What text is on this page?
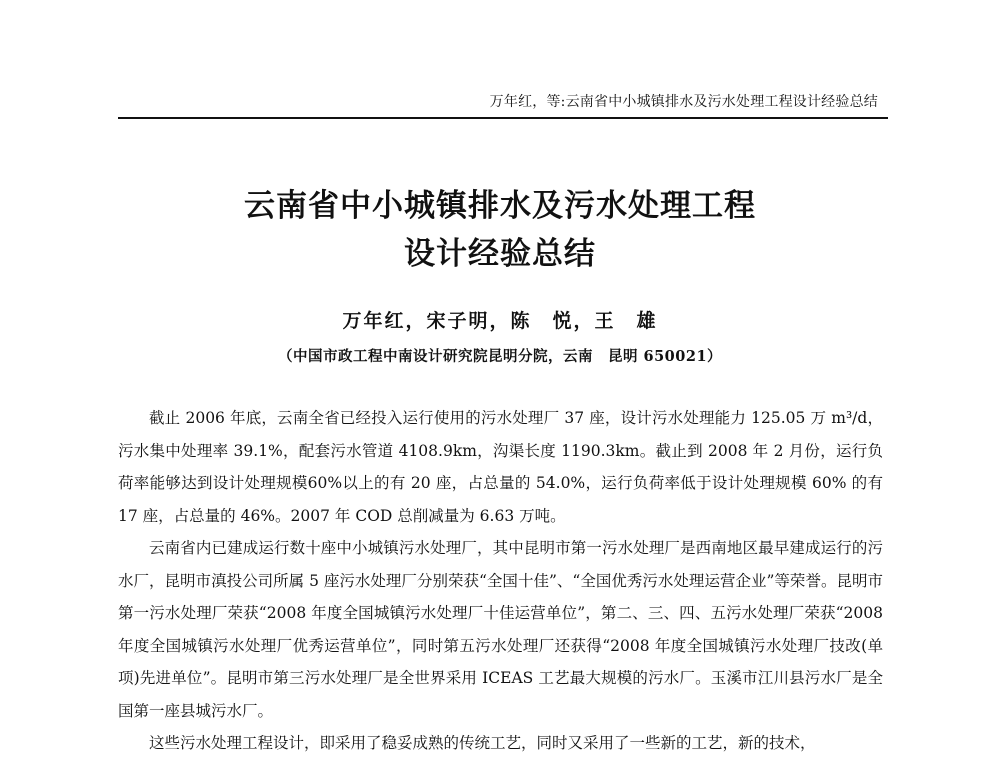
万年红，等:云南省中小城镇排水及污水处理工程设计经验总结
云南省中小城镇排水及污水处理工程
设计经验总结
万年红，宋子明，陈　悦，王　雄
（中国市政工程中南设计研究院昆明分院，云南　昆明 650021）

截止 2006 年底，云南全省已经投入运行使用的污水处理厂 37 座，设计污水处理能力 125.05 万 m³/d，污水集中处理率 39.1%，配套污水管道 4108.9km，沟渠长度 1190.3km。截止到 2008 年 2 月份，运行负荷率能够达到设计处理规模60%以上的有 20 座，占总量的 54.0%，运行负荷率低于设计处理规模 60% 的有 17 座，占总量的 46%。2007 年 COD 总削减量为 6.63 万吨。

云南省内已建成运行数十座中小城镇污水处理厂，其中昆明市第一污水处理厂是西南地区最早建成运行的污水厂，昆明市滇投公司所属 5 座污水处理厂分别荣获“全国十佳”、“全国优秀污水处理运营企业”等荣誉。昆明市第一污水处理厂荣获“2008 年度全国城镇污水处理厂十佳运营单位”，第二、三、四、五污水处理厂荣获“2008 年度全国城镇污水处理厂优秀运营单位”，同时第五污水处理厂还获得“2008 年度全国城镇污水处理厂技改(单项)先进单位”。昆明市第三污水处理厂是全世界采用 ICEAS 工艺最大规模的污水厂。玉溪市江川县污水厂是全国第一座县城污水厂。

这些污水处理工程设计，即采用了稳妥成熟的传统工艺，同时又采用了一些新的工艺，新的技术，
